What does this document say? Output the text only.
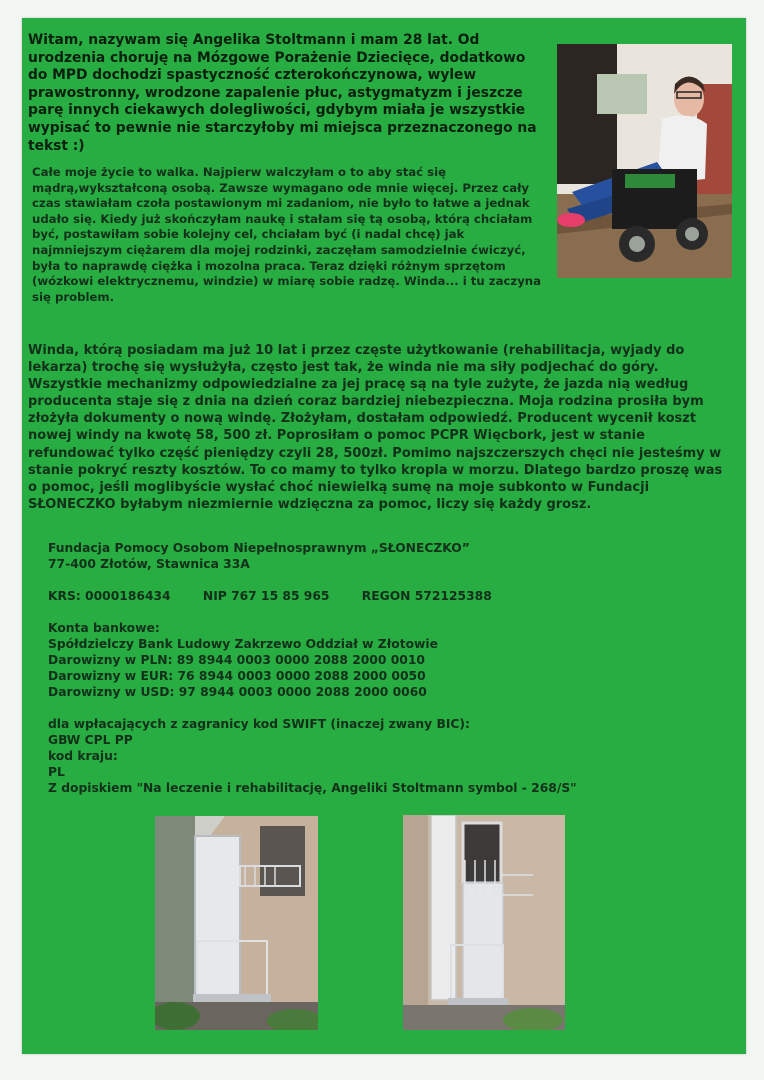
Witam, nazywam się Angelika Stoltmann i mam 28 lat. Od urodzenia choruję na Mózgowe Porażenie Dziecięce, dodatkowo do MPD dochodzi spastyczność czterokończynowa, wylew prawostronny, wrodzone zapalenie płuc, astygmatyzm i jeszcze parę innych ciekawych dolegliwości, gdybym miała je wszystkie wypisać to pewnie nie starczyłoby mi miejsca przeznaczonego na tekst :)

Całe moje życie to walka. Najpierw walczyłam o to aby stać się mądrą,wykształconą osobą. Zawsze wymagano ode mnie więcej. Przez cały czas stawiałam czoła postawionym mi zadaniom, nie było to łatwe a jednak udało się. Kiedy już skończyłam naukę i stałam się tą osobą, którą chciałam być, postawiłam sobie kolejny cel, chciałam być (i nadal chcę) jak najmniejszym ciężarem dla mojej rodzinki, zaczęłam samodzielnie ćwiczyć, była to naprawdę ciężka i mozolna praca. Teraz dzięki różnym sprzętom (wózkowi elektrycznemu, windzie) w miarę sobie radzę. Winda... i tu zaczyna się problem.

Winda, którą posiadam ma już 10 lat i przez częste użytkowanie (rehabilitacja, wyjady do lekarza) trochę się wysłużyła, często jest tak, że winda nie ma siły podjechać do góry. Wszystkie mechanizmy odpowiedzialne za jej pracę są na tyle zużyte, że jazda nią według producenta staje się z dnia na dzień coraz bardziej niebezpieczna. Moja rodzina prosiła bym złożyła dokumenty o nową windę. Złożyłam, dostałam odpowiedź. Producent wycenił koszt nowej windy na kwotę 58, 500 zł. Poprosiłam o pomoc PCPR Więcbork, jest w stanie refundować tylko część pieniędzy czyli 28, 500zł. Pomimo najszczerszych chęci nie jesteśmy w stanie pokryć reszty kosztów. To co mamy to tylko kropla w morzu. Dlatego bardzo proszę was o pomoc, jeśli moglibyście wysłać choć niewielką sumę na moje subkonto w Fundacji SŁONECZKO byłabym niezmiernie wdzięczna za pomoc, liczy się każdy grosz.

Fundacja Pomocy Osobom Niepełnosprawnym „SŁONECZKO”
77-400 Złotów, Stawnica 33A
KRS: 0000186434	NIP 767 15 85 965	REGON 572125388
Konta bankowe:
Spółdzielczy Bank Ludowy Zakrzewo Oddział w Złotowie
Darowizny w PLN: 89 8944 0003 0000 2088 2000 0010
Darowizny w EUR: 76 8944 0003 0000 2088 2000 0050
Darowizny w USD: 97 8944 0003 0000 2088 2000 0060
dla wpłacających z zagranicy kod SWIFT (inaczej zwany BIC):
GBW CPL PP
kod kraju:
PL
Z dopiskiem "Na leczenie i rehabilitację, Angeliki Stoltmann symbol - 268/S"
